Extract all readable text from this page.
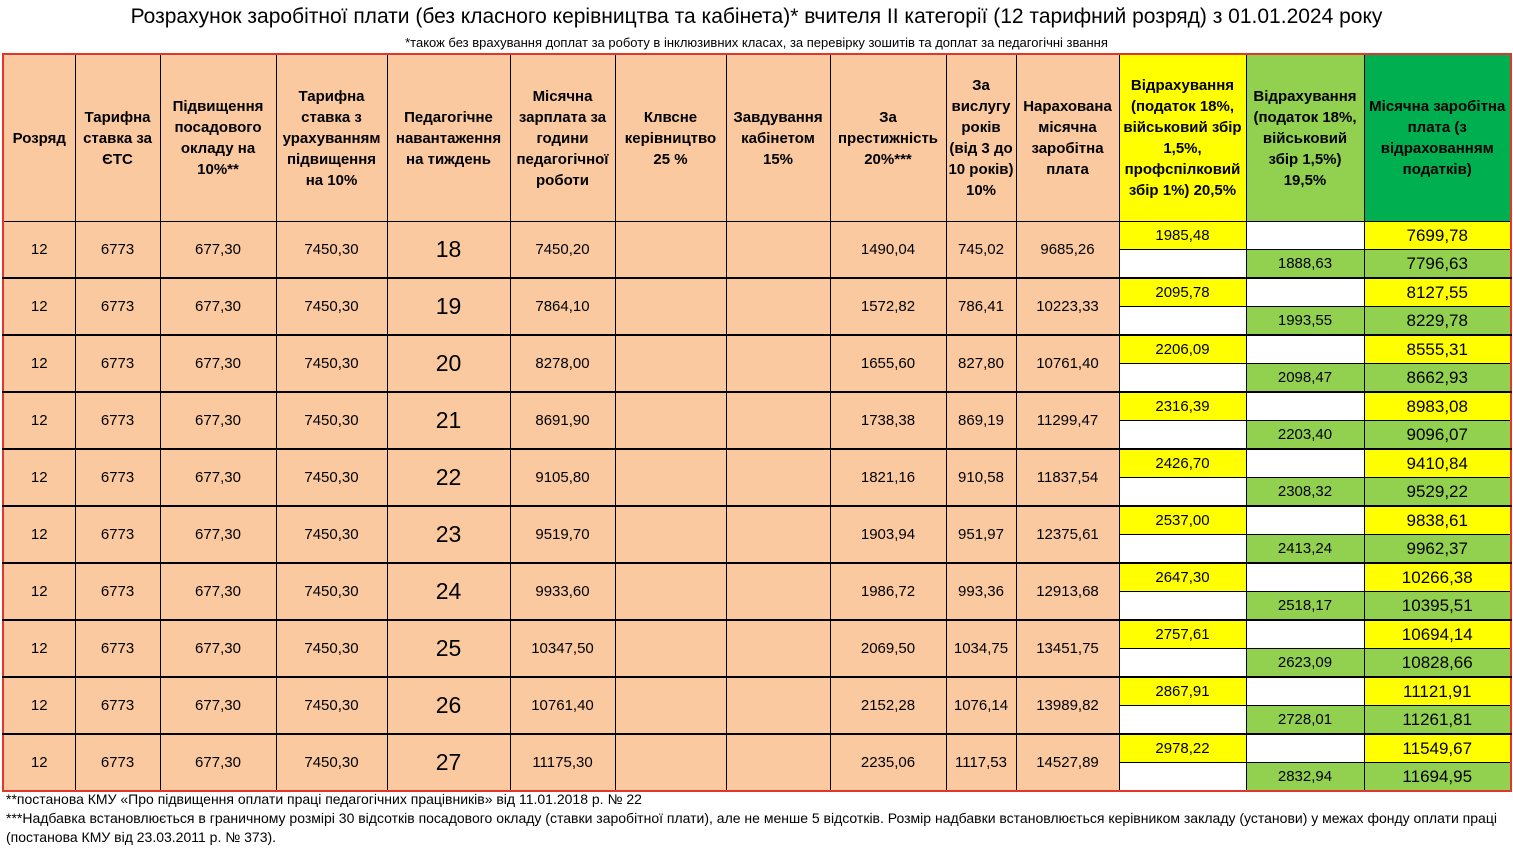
Розрахунок заробітної плати (без класного керівництва та кабінета)* вчителя ІІ категорії (12 тарифний розряд) з 01.01.2024 року
*також без врахування доплат за роботу в інклюзивних класах, за перевірку зошитів та доплат за педагогічні звання
Розряд	Тарифна ставка за ЄТС	Підвищення посадового окладу на 10%**	Тарифна ставка з урахуванням підвищення на 10%	Педагогічне навантаження на тиждень	Місячна зарплата за години педагогічної роботи	Клвсне керівництво 25 %	Завдування кабінетом 15%	За престижність 20%***	За вислугу років (від 3 до 10 років) 10%	Нарахована місячна заробітна плата	Відрахування (податок 18%, військовий збір 1,5%, профспілковий збір 1%) 20,5%	Відрахування (податок 18%, військовий збір 1,5%) 19,5%	Місячна заробітна плата (з відрахованням податків)
12	6773	677,30	7450,30	18	7450,20			1490,04	745,02	9685,26	1985,48		7699,78
												1888,63	7796,63
12	6773	677,30	7450,30	19	7864,10			1572,82	786,41	10223,33	2095,78		8127,55
												1993,55	8229,78
12	6773	677,30	7450,30	20	8278,00			1655,60	827,80	10761,40	2206,09		8555,31
												2098,47	8662,93
12	6773	677,30	7450,30	21	8691,90			1738,38	869,19	11299,47	2316,39		8983,08
												2203,40	9096,07
12	6773	677,30	7450,30	22	9105,80			1821,16	910,58	11837,54	2426,70		9410,84
												2308,32	9529,22
12	6773	677,30	7450,30	23	9519,70			1903,94	951,97	12375,61	2537,00		9838,61
												2413,24	9962,37
12	6773	677,30	7450,30	24	9933,60			1986,72	993,36	12913,68	2647,30		10266,38
												2518,17	10395,51
12	6773	677,30	7450,30	25	10347,50			2069,50	1034,75	13451,75	2757,61		10694,14
												2623,09	10828,66
12	6773	677,30	7450,30	26	10761,40			2152,28	1076,14	13989,82	2867,91		11121,91
												2728,01	11261,81
12	6773	677,30	7450,30	27	11175,30			2235,06	1117,53	14527,89	2978,22		11549,67
												2832,94	11694,95

**постанова КМУ «Про підвищення оплати праці педагогічних працівників» від 11.01.2018 р. № 22

***Надбавка встановлюється в граничному розмірі 30 відсотків посадового окладу (ставки заробітної плати), але не менше 5 відсотків. Розмір надбавки встановлюється керівником закладу (установи) у межах фонду оплати праці (постанова КМУ від 23.03.2011 р. № 373).
